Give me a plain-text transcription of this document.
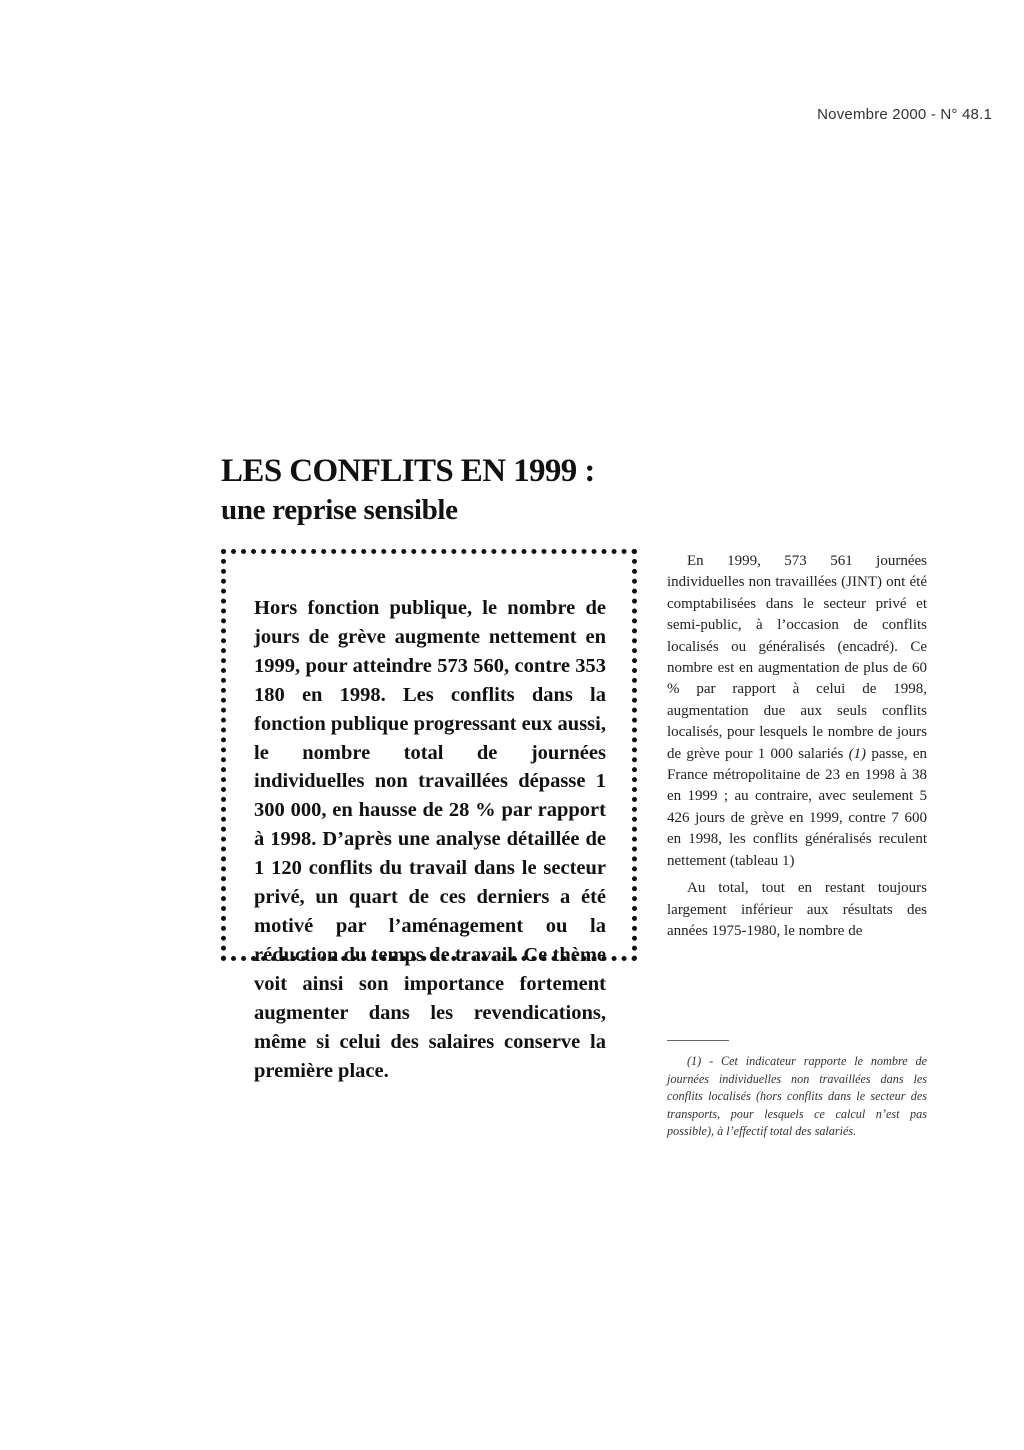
Novembre 2000 - N° 48.1
LES CONFLITS EN 1999 :
une reprise sensible

Hors fonction publique, le nombre de jours de grève augmente nettement en 1999, pour atteindre 573 560, contre 353 180 en 1998. Les conflits dans la fonction publique progressant eux aussi, le nombre total de journées individuelles non travaillées dépasse 1 300 000, en hausse de 28 % par rapport à 1998. D’après une analyse détaillée de 1 120 conflits du travail dans le secteur privé, un quart de ces derniers a été motivé par l’aménagement ou la réduction du temps de travail. Ce thème voit ainsi son importance fortement augmenter dans les revendications, même si celui des salaires conserve la première place.

En 1999, 573 561 journées individuelles non travaillées (JINT) ont été comptabilisées dans le secteur privé et semi-public, à l’occasion de conflits localisés ou généralisés (encadré). Ce nombre est en augmentation de plus de 60 % par rapport à celui de 1998, augmentation due aux seuls conflits localisés, pour lesquels le nombre de jours de grève pour 1 000 salariés (1) passe, en France métropolitaine de 23 en 1998 à 38 en 1999 ; au contraire, avec seulement 5 426 jours de grève en 1999, contre 7 600 en 1998, les conflits généralisés reculent nettement (tableau 1)

Au total, tout en restant toujours largement inférieur aux résultats des années 1975-1980, le nombre de

(1) - Cet indicateur rapporte le nombre de journées individuelles non travaillées dans les conflits localisés (hors conflits dans le secteur des transports, pour lesquels ce calcul n’est pas possible), à l’effectif total des salariés.
